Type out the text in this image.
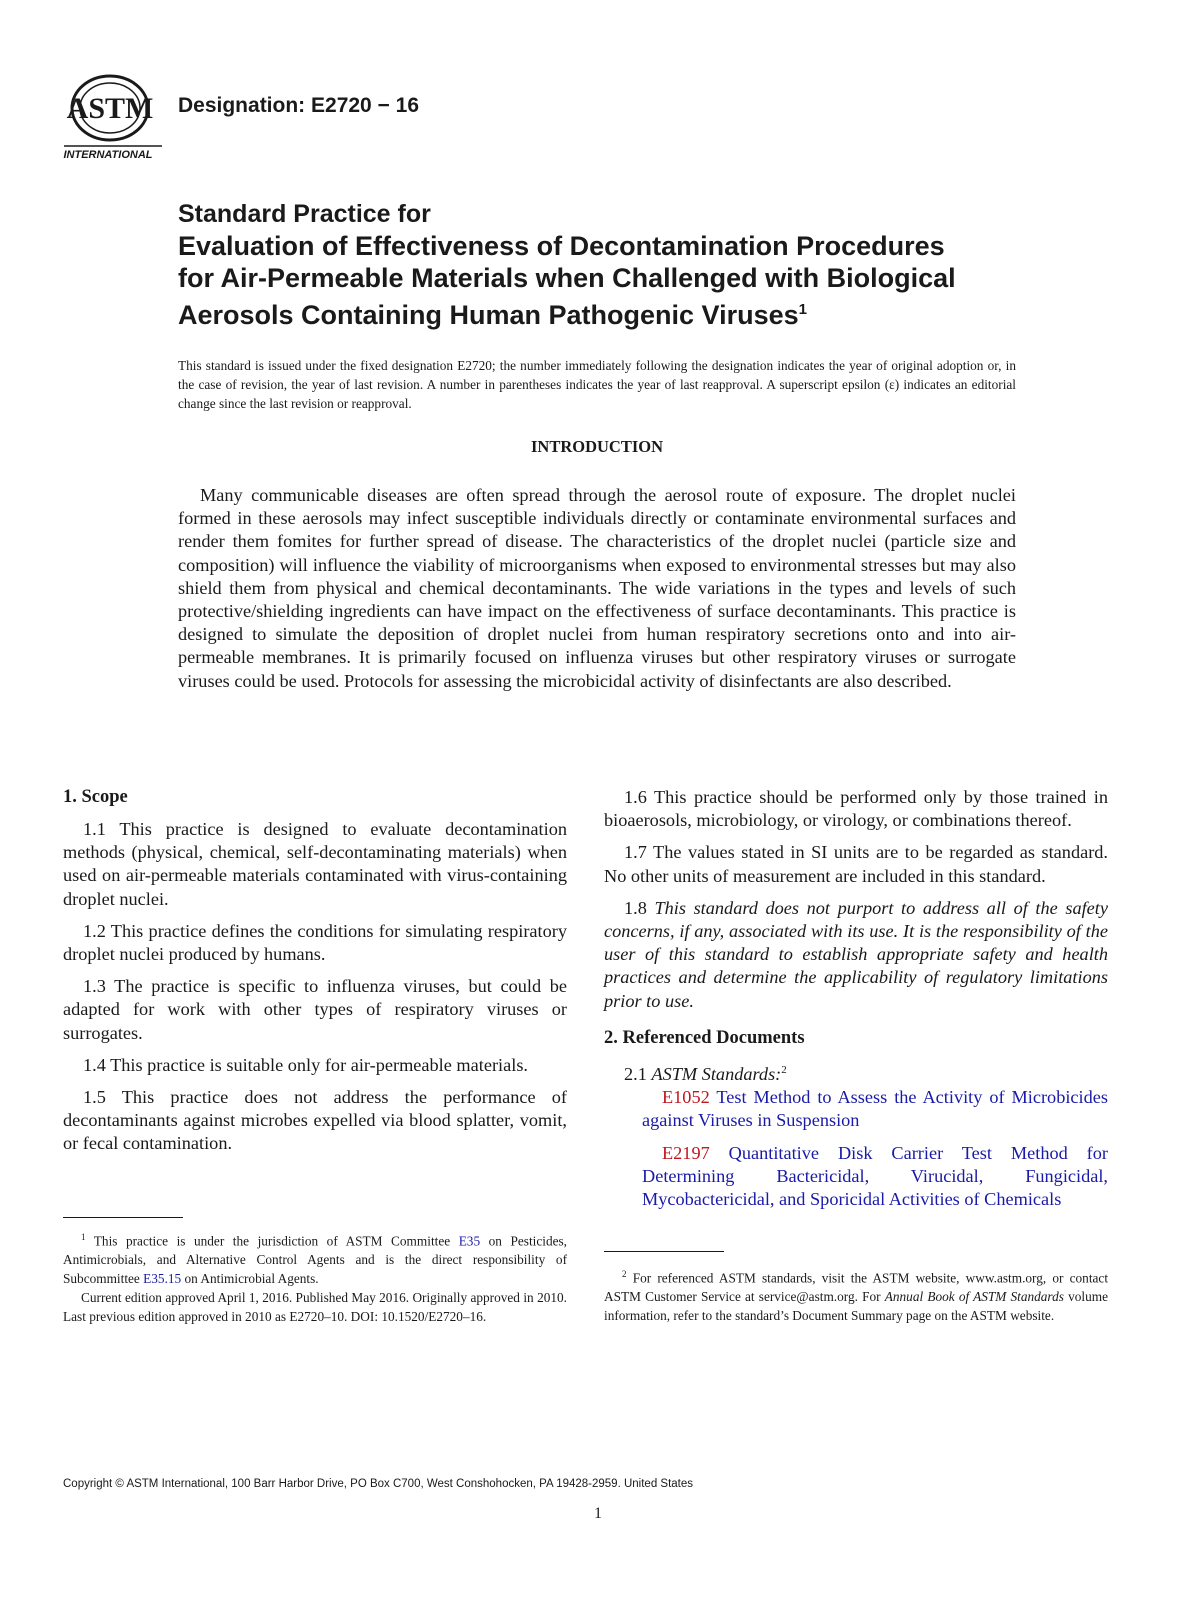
ASTM
INTERNATIONAL
Designation: E2720 − 16
Standard Practice for
Evaluation of Effectiveness of Decontamination Procedures
for Air-Permeable Materials when Challenged with Biological
Aerosols Containing Human Pathogenic Viruses$^1$
This standard is issued under the fixed designation E2720; the number immediately following the designation indicates the year of original adoption or, in the case of revision, the year of last revision. A number in parentheses indicates the year of last reapproval. A superscript epsilon (ε) indicates an editorial change since the last revision or reapproval.
INTRODUCTION

Many communicable diseases are often spread through the aerosol route of exposure. The droplet nuclei formed in these aerosols may infect susceptible individuals directly or contaminate environmental surfaces and render them fomites for further spread of disease. The characteristics of the droplet nuclei (particle size and composition) will influence the viability of microorganisms when exposed to environmental stresses but may also shield them from physical and chemical decontaminants. The wide variations in the types and levels of such protective/shielding ingredients can have impact on the effectiveness of surface decontaminants. This practice is designed to simulate the deposition of droplet nuclei from human respiratory secretions onto and into air-permeable membranes. It is primarily focused on influenza viruses but other respiratory viruses or surrogate viruses could be used. Protocols for assessing the microbicidal activity of disinfectants are also described.

1. Scope

1.1 This practice is designed to evaluate decontamination methods (physical, chemical, self-decontaminating materials) when used on air-permeable materials contaminated with virus-containing droplet nuclei.

1.2 This practice defines the conditions for simulating respiratory droplet nuclei produced by humans.

1.3 The practice is specific to influenza viruses, but could be adapted for work with other types of respiratory viruses or surrogates.

1.4 This practice is suitable only for air-permeable materials.

1.5 This practice does not address the performance of decontaminants against microbes expelled via blood splatter, vomit, or fecal contamination.

1.6 This practice should be performed only by those trained in bioaerosols, microbiology, or virology, or combinations thereof.

1.7 The values stated in SI units are to be regarded as standard. No other units of measurement are included in this standard.

1.8 This standard does not purport to address all of the safety concerns, if any, associated with its use. It is the responsibility of the user of this standard to establish appropriate safety and health practices and determine the applicability of regulatory limitations prior to use.

2. Referenced Documents

2.1 ASTM Standards:$^2$

E1052 Test Method to Assess the Activity of Microbicides against Viruses in Suspension

E2197 Quantitative Disk Carrier Test Method for Determining Bactericidal, Virucidal, Fungicidal, Mycobactericidal, and Sporicidal Activities of Chemicals

$^1$ This practice is under the jurisdiction of ASTM Committee E35 on Pesticides, Antimicrobials, and Alternative Control Agents and is the direct responsibility of Subcommittee E35.15 on Antimicrobial Agents.

Current edition approved April 1, 2016. Published May 2016. Originally approved in 2010. Last previous edition approved in 2010 as E2720–10. DOI: 10.1520/E2720–16.

$^2$ For referenced ASTM standards, visit the ASTM website, www.astm.org, or contact ASTM Customer Service at service@astm.org. For Annual Book of ASTM Standards volume information, refer to the standard’s Document Summary page on the ASTM website.

Copyright © ASTM International, 100 Barr Harbor Drive, PO Box C700, West Conshohocken, PA 19428-2959. United States
1
